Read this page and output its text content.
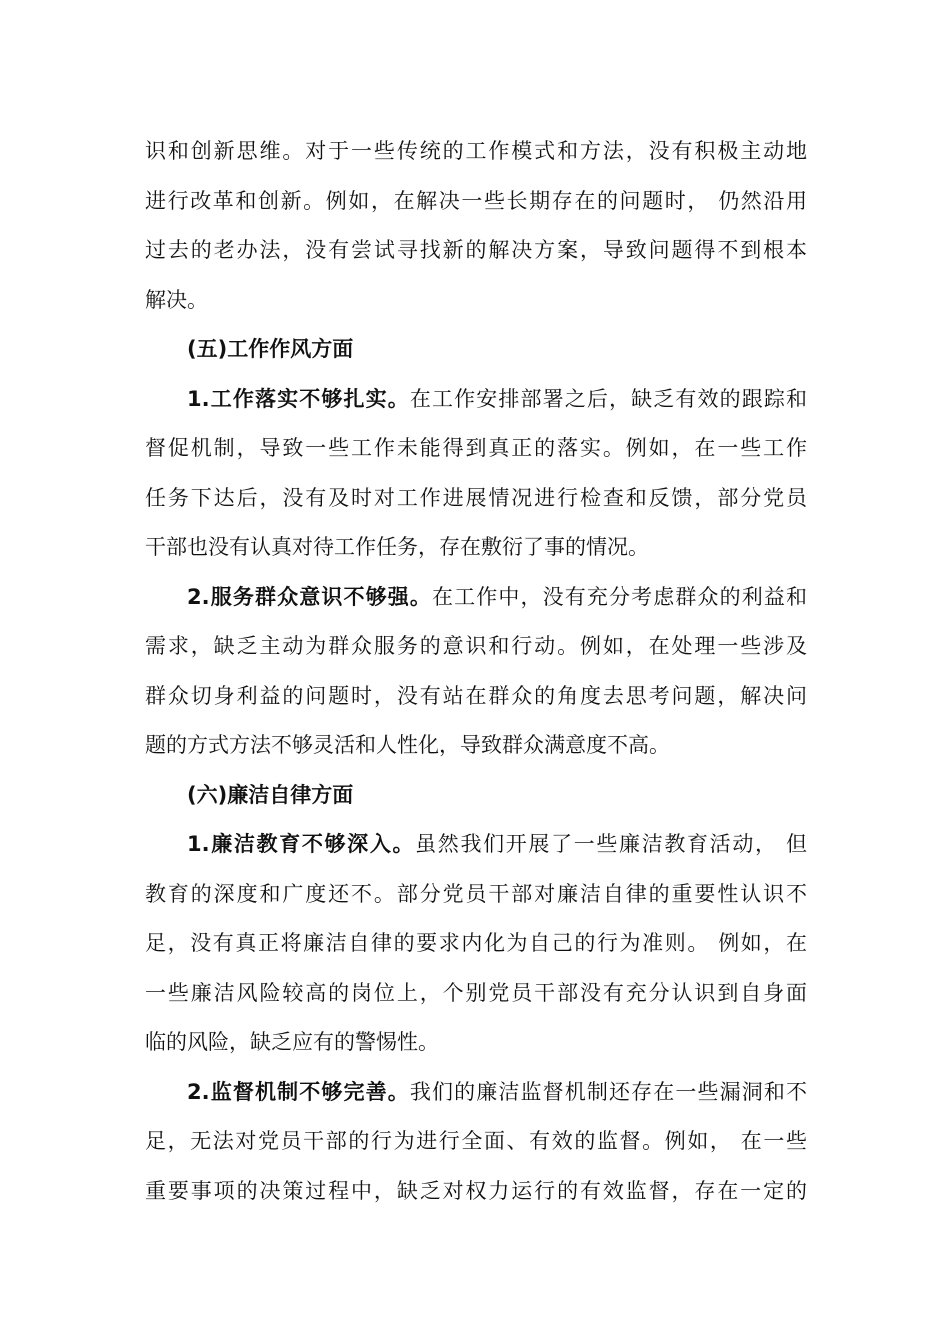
识和创新思维。对于一些传统的工作模式和方法，没有积极主动地
进行改革和创新。例如，在解决一些长期存在的问题时， 仍然沿用
过去的老办法，没有尝试寻找新的解决方案，导致问题得不到根本
解决。
(五)工作作风方面
1.工作落实不够扎实。在工作安排部署之后，缺乏有效的跟踪和
督促机制，导致一些工作未能得到真正的落实。例如，在一些工作
任务下达后，没有及时对工作进展情况进行检查和反馈，部分党员
干部也没有认真对待工作任务，存在敷衍了事的情况。
2.服务群众意识不够强。在工作中，没有充分考虑群众的利益和
需求，缺乏主动为群众服务的意识和行动。例如，在处理一些涉及
群众切身利益的问题时，没有站在群众的角度去思考问题，解决问
题的方式方法不够灵活和人性化，导致群众满意度不高。
(六)廉洁自律方面
1.廉洁教育不够深入。虽然我们开展了一些廉洁教育活动， 但
教育的深度和广度还不。部分党员干部对廉洁自律的重要性认识不
足，没有真正将廉洁自律的要求内化为自己的行为准则。 例如，在
一些廉洁风险较高的岗位上，个别党员干部没有充分认识到自身面
临的风险，缺乏应有的警惕性。
2.监督机制不够完善。我们的廉洁监督机制还存在一些漏洞和不
足，无法对党员干部的行为进行全面、有效的监督。例如， 在一些
重要事项的决策过程中，缺乏对权力运行的有效监督，存在一定的
